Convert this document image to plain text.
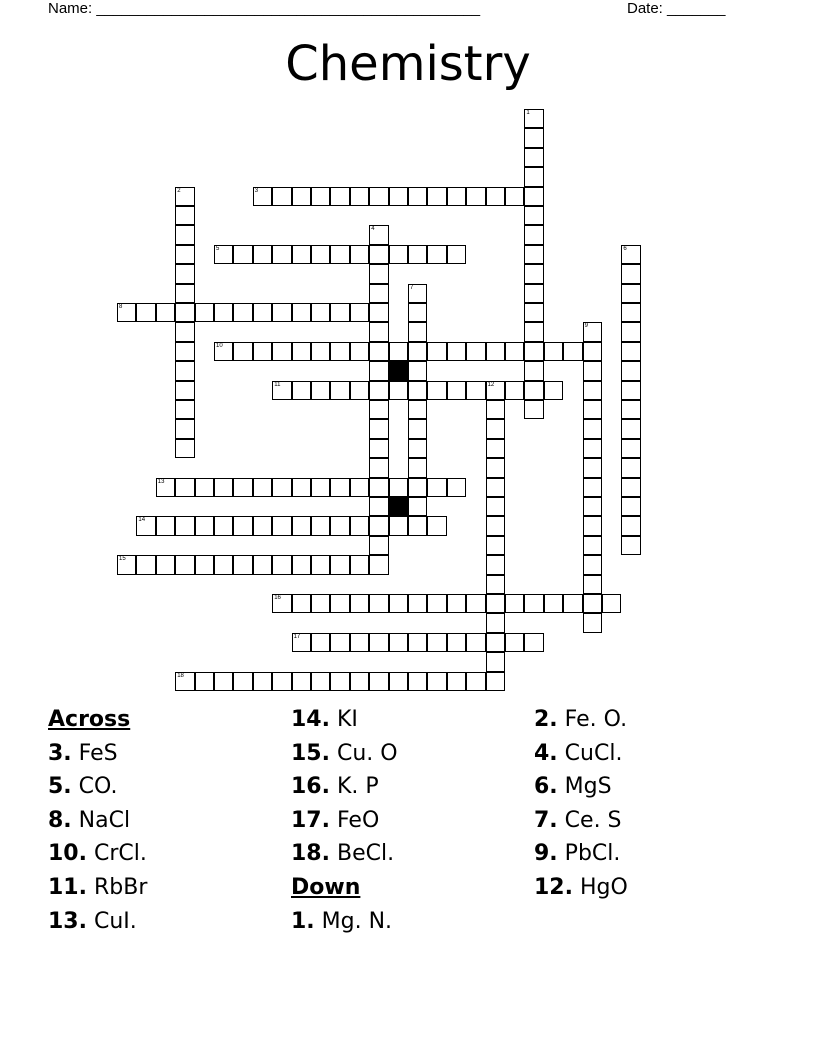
Name: ______________________________________________	Date: _______
Chemistry
1
2	3
4
5	6
7
8
9
10
11	12
13
14
15
16
17
18
Across
3. FeS
5. CO.
8. NaCl
10. CrCl.
11. RbBr
13. CuI.
14. KI
15. Cu. O
16. K. P
17. FeO
18. BeCl.
Down
1. Mg. N.
2. Fe. O.
4. CuCl.
6. MgS
7. Ce. S
9. PbCl.
12. HgO
